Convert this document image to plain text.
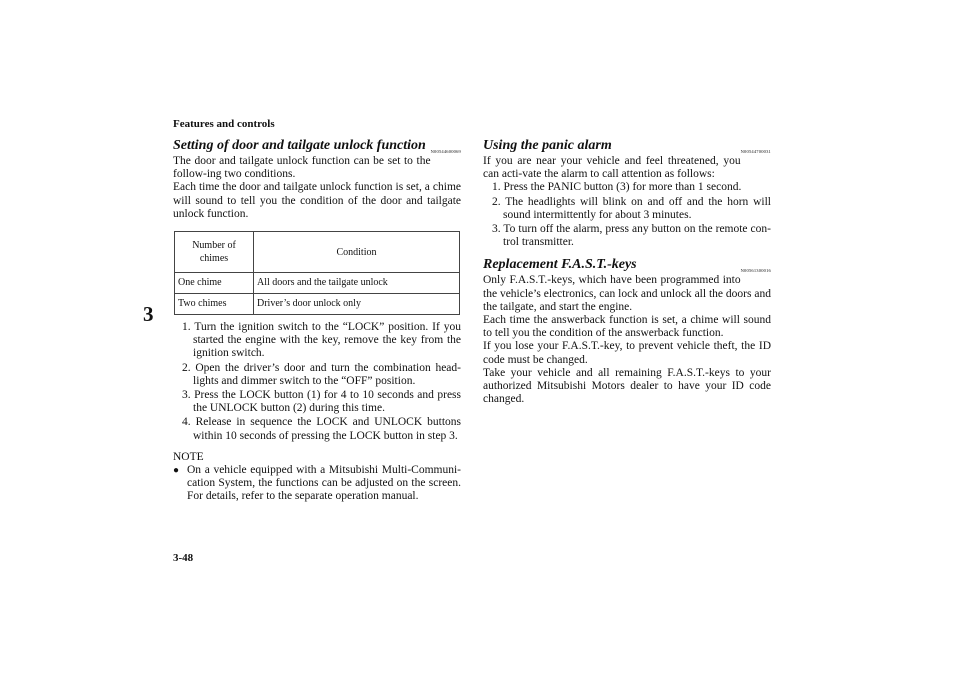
Features and controls
3
3-48
N00544600069
Setting of door and tailgate unlock function

The door and tailgate unlock function can be set to the follow-ing two conditions.

Each time the door and tailgate unlock function is set, a chime will sound to tell you the condition of the door and tailgate unlock function.

Number of chimes	Condition
One chime	All doors and the tailgate unlock
Two chimes	Driver’s door unlock only
1. Turn the ignition switch to the “LOCK” position. If you started the engine with the key, remove the key from the ignition switch.
2. Open the driver’s door and turn the combination head-lights and dimmer switch to the “OFF” position.
3. Press the LOCK button (1) for 4 to 10 seconds and press the UNLOCK button (2) during this time.
4. Release in sequence the LOCK and UNLOCK buttons within 10 seconds of pressing the LOCK button in step 3.
NOTE
● On a vehicle equipped with a Mitsubishi Multi-Communi-cation System, the functions can be adjusted on the screen. For details, refer to the separate operation manual.
N00544700031
Using the panic alarm

If you are near your vehicle and feel threatened, you can acti-vate the alarm to call attention as follows:

1. Press the PANIC button (3) for more than 1 second.
2. The headlights will blink on and off and the horn will sound intermittently for about 3 minutes.
3. To turn off the alarm, press any button on the remote con-trol transmitter.
N00561300016
Replacement F.A.S.T.-keys

Only F.A.S.T.-keys, which have been programmed into the vehicle’s electronics, can lock and unlock all the doors and the tailgate, and start the engine.

Each time the answerback function is set, a chime will sound to tell you the condition of the answerback function.

If you lose your F.A.S.T.-key, to prevent vehicle theft, the ID code must be changed.

Take your vehicle and all remaining F.A.S.T.-keys to your authorized Mitsubishi Motors dealer to have your ID code changed.
